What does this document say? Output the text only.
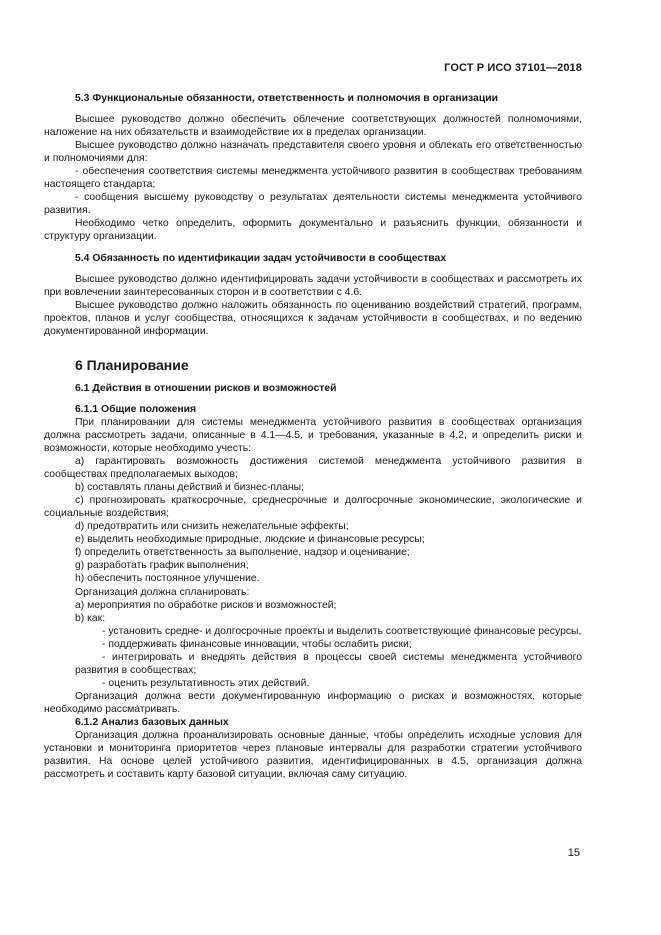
ГОСТ Р ИСО 37101—2018

5.3 Функциональные обязанности, ответственность и полномочия в организации

Высшее руководство должно обеспечить облечение соответствующих должностей полномочиями, наложение на них обязательств и взаимодействие их в пределах организации.

Высшее руководство должно назначать представителя своего уровня и облекать его ответственностью и полномочиями для:

- обеспечения соответствия системы менеджмента устойчивого развития в сообществах требованиям настоящего стандарта;

- сообщения высшему руководству о результатах деятельности системы менеджмента устойчивого развития.

Необходимо четко определить, оформить документально и разъяснить функции, обязанности и структуру организации.

5.4 Обязанность по идентификации задач устойчивости в сообществах

Высшее руководство должно идентифицировать задачи устойчивости в сообществах и рассмотреть их при вовлечении заинтересованных сторон и в соответствии с 4.6.

Высшее руководство должно наложить обязанность по оцениванию воздействий стратегий, программ, проектов, планов и услуг сообщества, относящихся к задачам устойчивости в сообществах, и по ведению документированной информации.

6 Планирование

6.1 Действия в отношении рисков и возможностей

6.1.1 Общие положения

При планировании для системы менеджмента устойчивого развития в сообществах организация должна рассмотреть задачи, описанные в 4.1—4.5, и требования, указанные в 4.2, и определить риски и возможности, которые необходимо учесть:

a) гарантировать возможность достижения системой менеджмента устойчивого развития в сообществах предполагаемых выходов;

b) составлять планы действий и бизнес-планы;

c) прогнозировать краткосрочные, среднесрочные и долгосрочные экономические, экологические и социальные воздействия;

d) предотвратить или снизить нежелательные эффекты;

e) выделить необходимые природные, людские и финансовые ресурсы;

f) определить ответственность за выполнение, надзор и оценивание;

g) разработать график выполнения;

h) обеспечить постоянное улучшение.

Организация должна спланировать:

a) мероприятия по обработке рисков и возможностей;

b) как:

- установить средне- и долгосрочные проекты и выделить соответствующие финансовые ресурсы,

- поддерживать финансовые инновации, чтобы ослабить риски;

- интегрировать и внедрять действия в процессы своей системы менеджмента устойчивого развития в сообществах;

- оценить результативность этих действий.

Организация должна вести документированную информацию о рисках и возможностях, которые необходимо рассматривать.

6.1.2 Анализ базовых данных

Организация должна проанализировать основные данные, чтобы определить исходные условия для установки и мониторинга приоритетов через плановые интервалы для разработки стратегии устойчивого развития. На основе целей устойчивого развития, идентифицированных в 4.5, организация должна рассмотреть и составить карту базовой ситуации, включая саму ситуацию.

15
